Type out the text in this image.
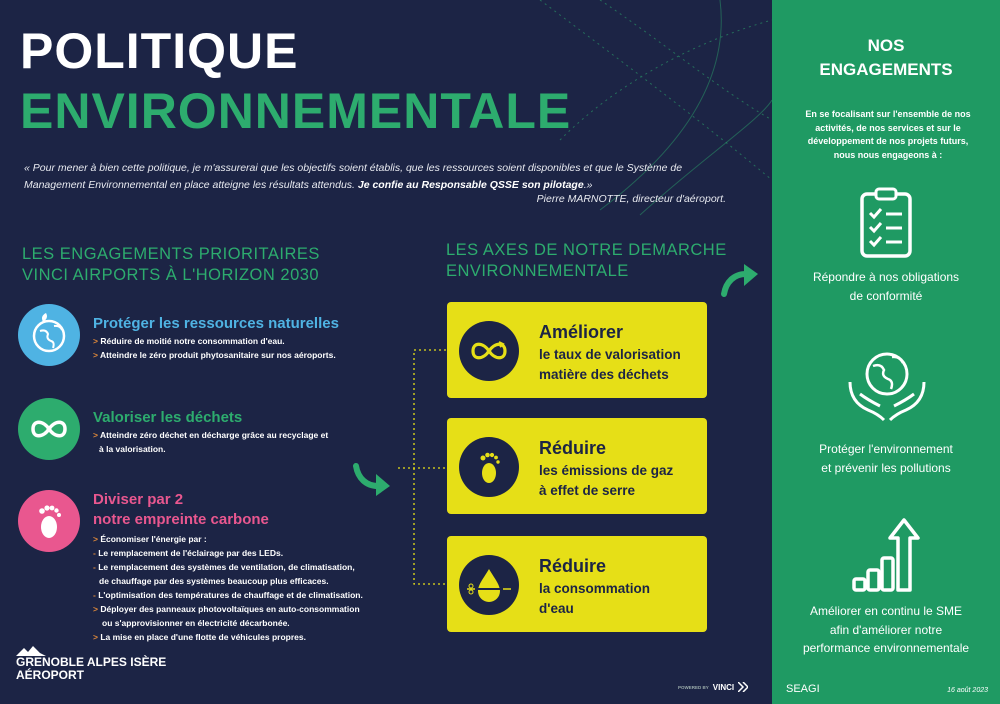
POLITIQUE
ENVIRONNEMENTALE
« Pour mener à bien cette politique, je m'assurerai que les objectifs soient établis, que les ressources soient disponibles et que le Système de Management Environnemental en place atteigne les résultats attendus. Je confie au Responsable QSSE son pilotage.»
Pierre MARNOTTE, directeur d'aéroport.
LES ENGAGEMENTS PRIORITAIRES
VINCI AIRPORTS À L'HORIZON 2030
Protéger les ressources naturelles
> Réduire de moitié notre consommation d'eau.
> Atteindre le zéro produit phytosanitaire sur nos aéroports.
Valoriser les déchets
> Atteindre zéro déchet en décharge grâce au recyclage et
à la valorisation.
Diviser par 2
notre empreinte carbone
> Économiser l'énergie par :
- Le remplacement de l'éclairage par des LEDs.
- Le remplacement des systèmes de ventilation, de climatisation,
de chauffage par des systèmes beaucoup plus efficaces.
- L'optimisation des températures de chauffage et de climatisation.
> Déployer des panneaux photovoltaïques en auto-consommation
ou s'approvisionner en électricité décarbonée.
> La mise en place d'une flotte de véhicules propres.
LES AXES DE NOTRE DEMARCHE
ENVIRONNEMENTALE
Améliorer
le taux de valorisation
matière des déchets
Réduire
les émissions de gaz
à effet de serre
Réduire
la consommation
d'eau
GRENOBLE ALPES ISÈRE
AÉROPORT
POWERED BY VINCI
NOS
ENGAGEMENTS
En se focalisant sur l'ensemble de nos activités, de nos services et sur le développement de nos projets futurs, nous nous engageons à :
Répondre à nos obligations
de conformité
Protéger l'environnement
et prévenir les pollutions
Améliorer en continu le SME
afin d'améliorer notre
performance environnementale
SEAGI	16 août 2023
